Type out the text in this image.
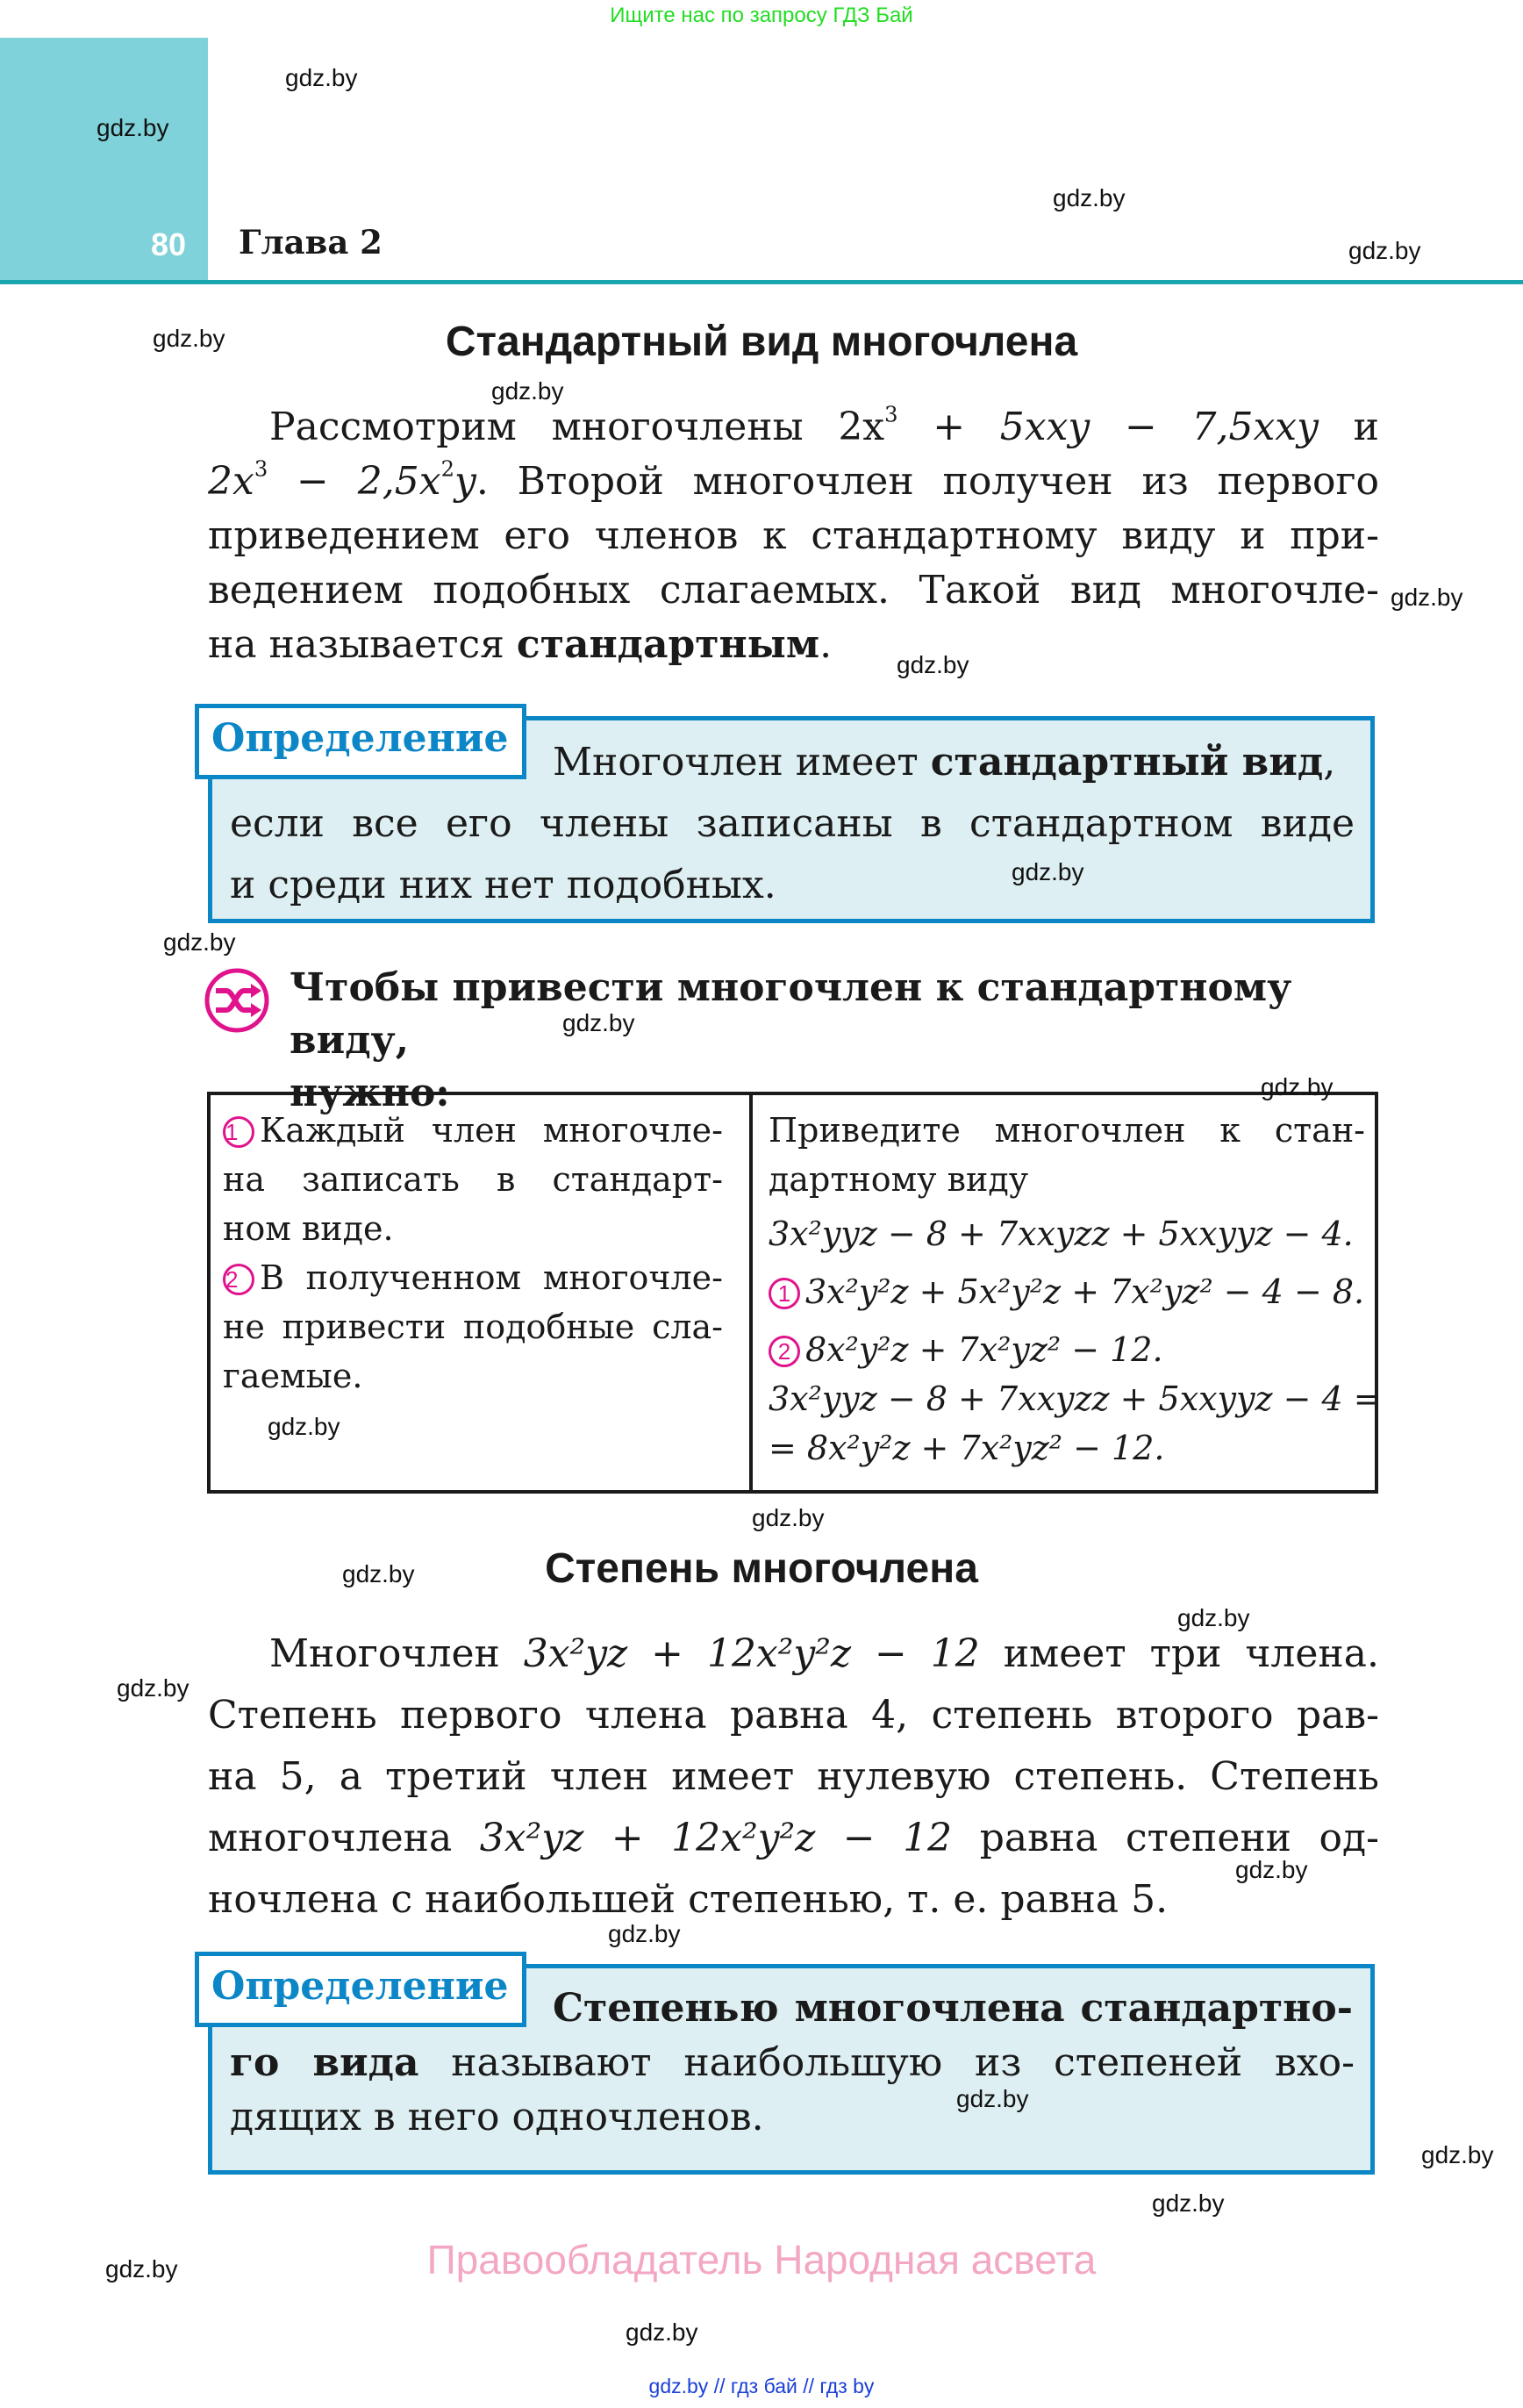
Ищите нас по запросу ГДЗ Бай
80 Глава 2
Стандартный вид многочлена
Рассмотрим многочлены $2x^3 + 5xxy - 7,5xxy$ и
$2x^3 - 2,5x^2y$. Второй многочлен получен из первого
приведением его членов к стандартному виду и при-
ведением подобных слагаемых. Такой вид многочле-
на называется стандартным.
Определение
Многочлен имеет стандартный вид,
если все его члены записаны в стандартном виде
и среди них нет подобных.
Чтобы привести многочлен к стандартному виду,
нужно:
1 Каждый член многочле-
на записать в стандарт-
ном виде.
2 В полученном многочле-
не привести подобные сла-
гаемые.
Приведите многочлен к стан-
дартному виду
3x²yyz − 8 + 7xxyzz + 5xxyyz − 4.
1 3x²y²z + 5x²y²z + 7x²yz² − 4 − 8.
2 8x²y²z + 7x²yz² − 12.
3x²yyz − 8 + 7xxyzz + 5xxyyz − 4 =
= 8x²y²z + 7x²yz² − 12.
Степень многочлена
Многочлен 3x²yz + 12x²y²z − 12 имеет три члена.
Степень первого члена равна 4, степень второго рав-
на 5, а третий член имеет нулевую степень. Степень
многочлена 3x²yz + 12x²y²z − 12 равна степени од-
ночлена с наибольшей степенью, т. е. равна 5.
Определение	Степенью многочлена стандартно-
го вида называют наибольшую из степеней вхо-
дящих в него одночленов.
gdz.by
gdz.by
gdz.by
gdz.by
gdz.by
gdz.by
gdz.by
gdz.by
gdz.by
gdz.by
gdz.by
gdz.by
gdz.by
gdz.by
gdz.by
gdz.by
gdz.by
gdz.by
gdz.by
gdz.by
gdz.by
gdz.by
gdz.by
gdz.by
Правообладатель Народная асвета
gdz.by // гдз бай // гдз by
